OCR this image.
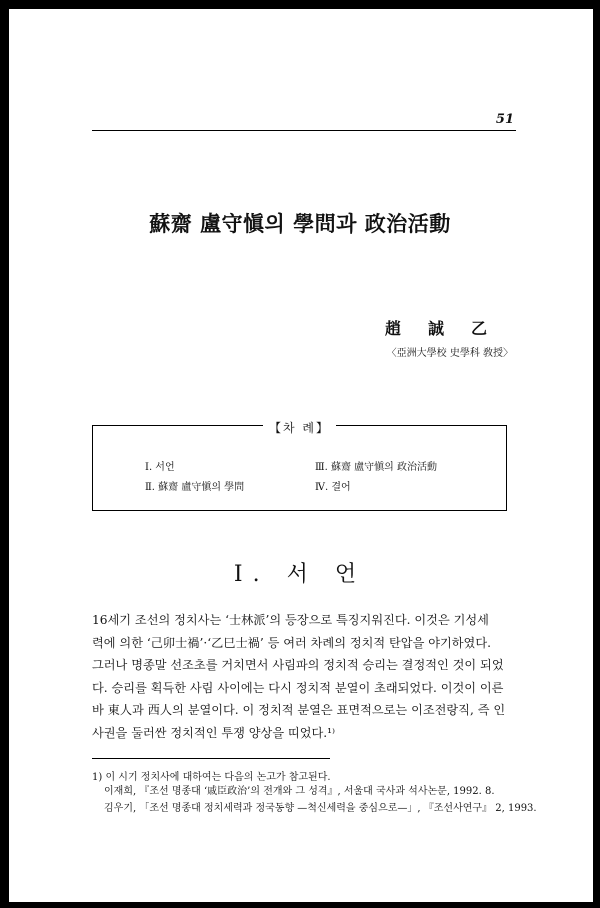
51
蘇齋 盧守愼의 學問과 政治活動
趙誠乙
〈亞洲大學校 史學科 敎授〉
【차 례】
Ⅰ. 서언
Ⅱ. 蘇齋 盧守愼의 學問
Ⅲ. 蘇齋 盧守愼의 政治活動
Ⅳ. 결어
Ⅰ. 서 언
16세기 조선의 정치사는 ‘士林派’의 등장으로 특징지워진다. 이것은 기성세
력에 의한 ‘己卯士禍’·‘乙巳士禍’ 등 여러 차례의 정치적 탄압을 야기하였다.
그러나 명종말 선조초를 거치면서 사림파의 정치적 승리는 결정적인 것이 되었
다. 승리를 획득한 사림 사이에는 다시 정치적 분열이 초래되었다. 이것이 이른
바 東人과 西人의 분열이다. 이 정치적 분열은 표면적으로는 이조전랑직, 즉 인
사권을 둘러싼 정치적인 투쟁 양상을 띠었다.¹⁾
1) 이 시기 정치사에 대하여는 다음의 논고가 참고된다.
이재희, 『조선 명종대 ‘戚臣政治’의 전개와 그 성격』, 서울대 국사과 석사논문, 1992. 8.
김우기, 「조선 명종대 정치세력과 정국동향 —척신세력을 중심으로—」, 『조선사연구』 2, 1993.
